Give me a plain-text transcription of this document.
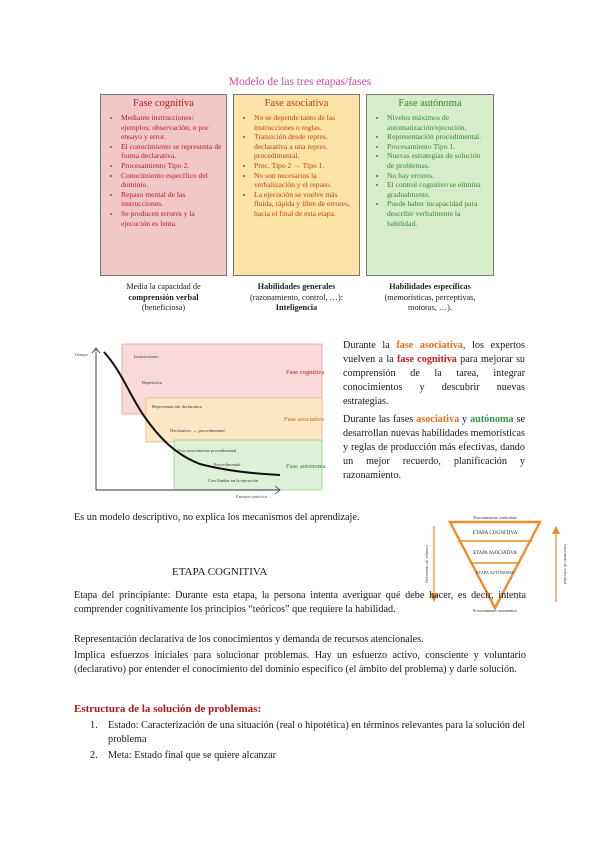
Modelo de las tres etapas/fases
Fase cognitiva
• Mediante instrucciones: ejemplos, observación, o por ensayo y error.
• El conocimiento se representa de forma declarativa.
• Procesamiento Tipo 2.
• Conocimiento específico del dominio.
• Repaso mental de las instrucciones.
• Se producen errores y la ejecución es lenta.
Fase asociativa
• No se depende tanto de las instrucciones o reglas.
• Transición desde repres. declarativa a una repres. procedimental.
• Proc. Tipo 2 → Tipo 1.
• No son necesarios la verbalización y el repaso.
• La ejecución se vuelve más fluida, rápida y libre de errores, hacia el final de esta etapa.
Fase autónoma
• Niveles máximos de automatización/ejecución.
• Representación procedimental.
• Procesamiento Tipo 1.
• Nuevas estrategias de solución de problemas.
• No hay errores.
• El control cognitivo se elimina gradualmente.
• Puede haber incapacidad para describir verbalmente la habilidad.
Media la capacidad de
comprensión verbal
(beneficiosa)
Habilidades generales
(razonamiento, control, …):
Inteligencia
Habilidades específicas
(memorísticas, perceptivas,
motoras, …).
Tiempo
Ensayos-práctica
Instrucciones
Repetición
Representación declarativa
Declarativo → procedimental
Uso conocimiento procedimental
Procedimental
Con fluidez en la ejecución
Fase cognitiva
Fase asociativa
Fase autónoma
Durante la fase asociativa, los expertos vuelven a la fase cognitiva para mejorar su comprensión de la tarea, integrar conocimientos y descubrir nuevas estrategias.
Durante las fases asociativa y autónoma se desarrollan nuevas habilidades memorísticas y reglas de producción más efectivas, dando un mejor recuerdo, planificación y razonamiento.
Es un modelo descriptivo, no explica los mecanismos del aprendizaje.	Procesamiento controlado
ETAPA COGNITIVA
ETAPA ASOCIATIVA
ETAPA AUTÓNOMA
Procesamiento automático
Incremento de esfuerzo	Incremento de velocidad
ETAPA COGNITIVA
Etapa del principiante: Durante esta etapa, la persona intenta averiguar qué debe hacer, es decir, intenta comprender cognitivamente los principios “teóricos” que requiere la habilidad.
Representación declarativa de los conocimientos y demanda de recursos atencionales.
Implica esfuerzos iniciales para solucionar problemas. Hay un esfuerzo activo, consciente y voluntario (declarativo) por entender el conocimiento del dominio específico (el ámbito del problema) y darle solución.
Estructura de la solución de problemas:
1. Estado: Caracterización de una situación (real o hipotética) en términos relevantes para la solución del problema
2. Meta: Estado final que se quiere alcanzar
